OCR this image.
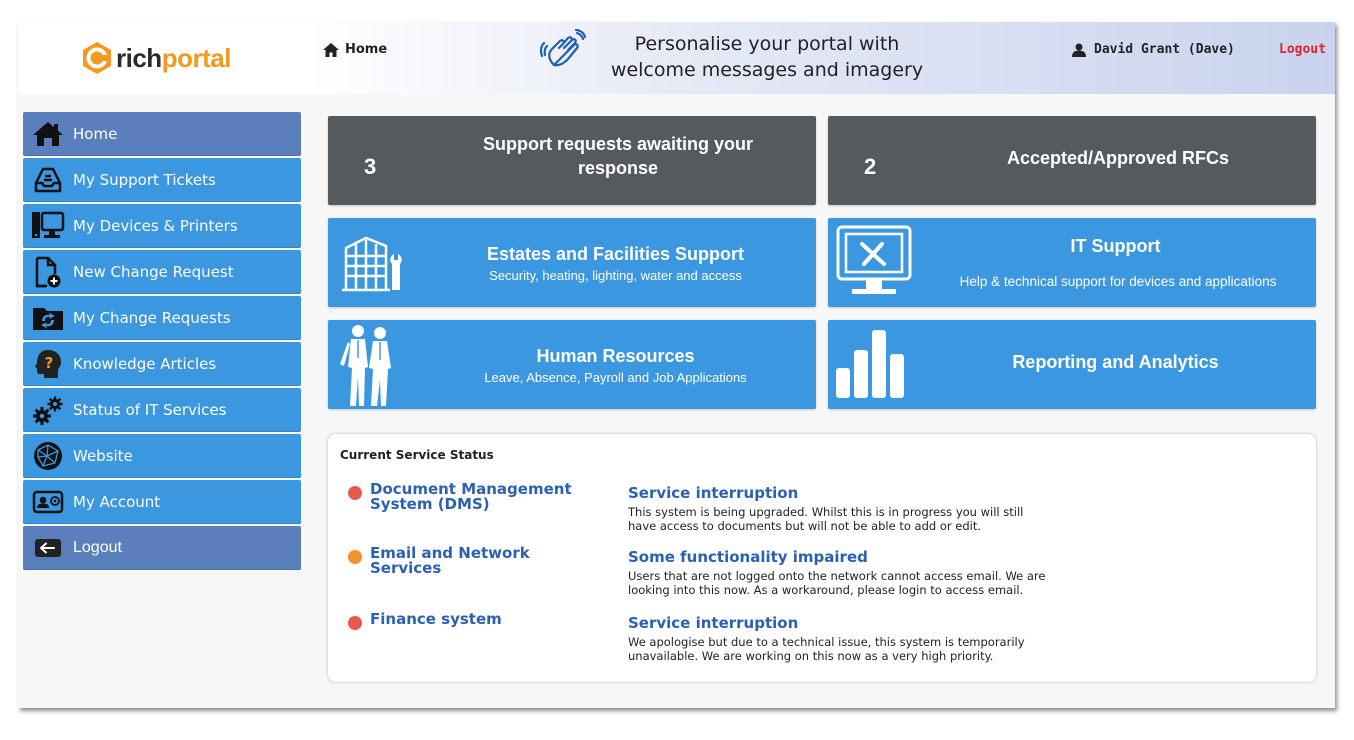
rich portal	Home	Personalise your portal with
welcome messages and imagery
David Grant (Dave)	Logout
Home
My Support Tickets
My Devices & Printers
New Change Request
My Change Requests
? Knowledge Articles
Status of IT Services
Website
My Account
Logout
3
Support requests awaiting your
response	2	Accepted/Approved RFCs
Estates and Facilities Support
Security, heating, lighting, water and access
IT Support
Help & technical support for devices and applications
Human Resources
Leave, Absence, Payroll and Job Applications
Reporting and Analytics
Current Service Status
Document Management
System (DMS)
Service interruption
This system is being upgraded. Whilst this is in progress you will still
have access to documents but will not be able to add or edit.
Email and Network
Services
Some functionality impaired
Users that are not logged onto the network cannot access email. We are
looking into this now. As a workaround, please login to access email.
Finance system	Service interruption
We apologise but due to a technical issue, this system is temporarily
unavailable. We are working on this now as a very high priority.
